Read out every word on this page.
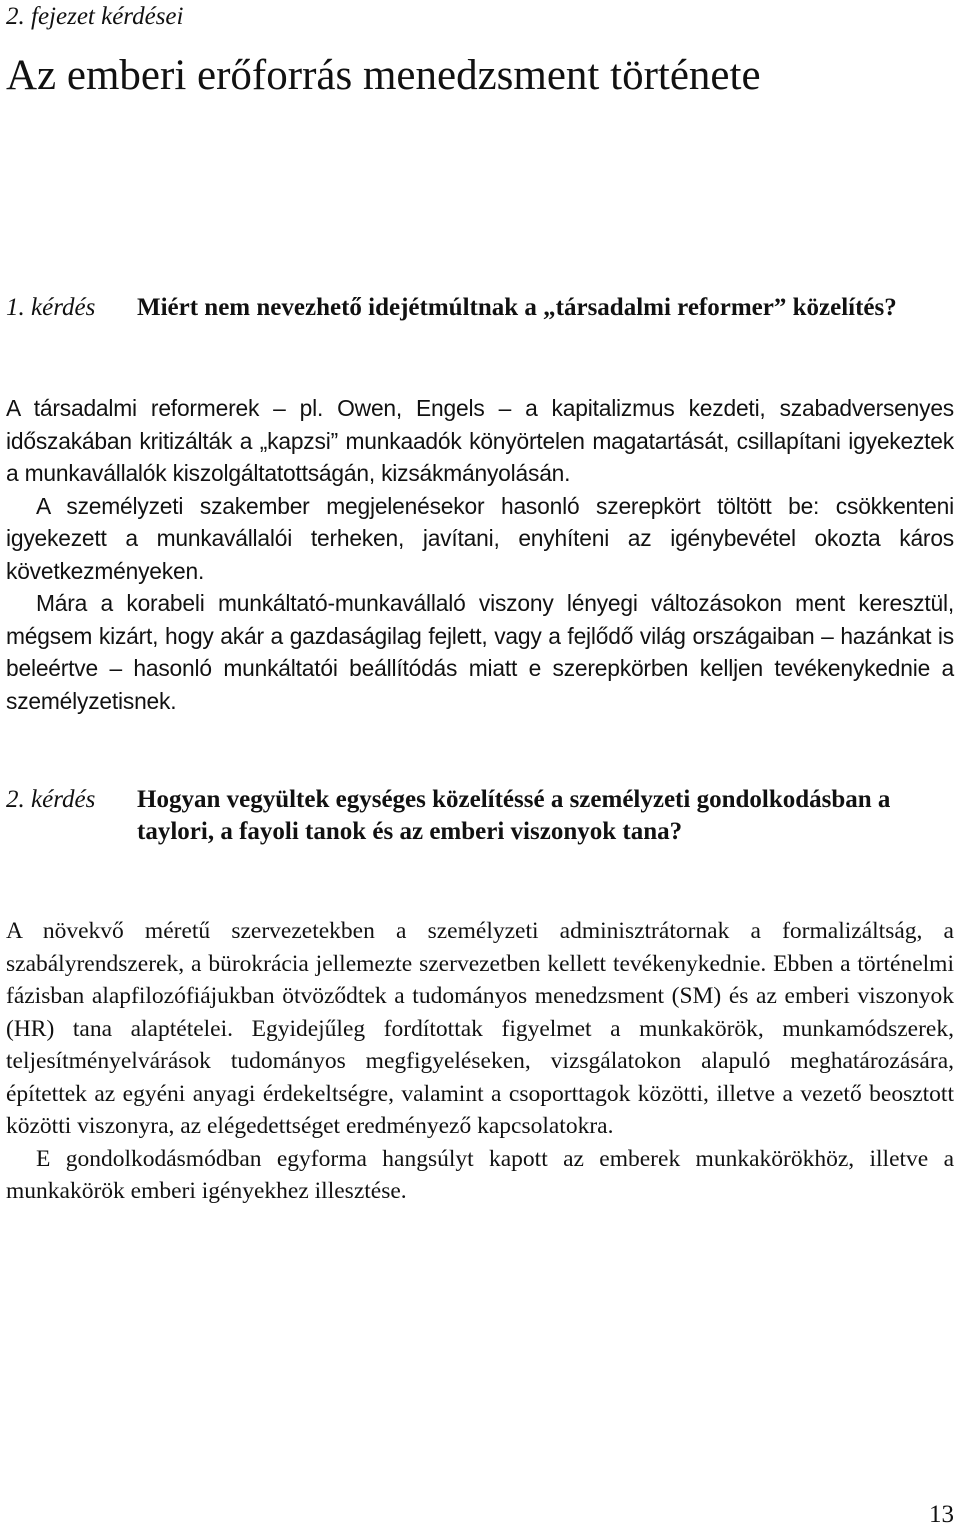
2. fejezet kérdései
Az emberi erőforrás menedzsment története
1. kérdés Miért nem nevezhető idejétmúltnak a „társadalmi reformer” közelítés?

A társadalmi reformerek – pl. Owen, Engels – a kapitalizmus kezdeti, szabadversenyes időszakában kritizálták a „kapzsi” munkaadók könyörtelen magatartását, csillapítani igyekeztek a munkavállalók kiszolgáltatottságán, kizsákmányolásán.

A személyzeti szakember megjelenésekor hasonló szerepkört töltött be: csökkenteni igyekezett a munkavállalói terheken, javítani, enyhíteni az igénybevétel okozta káros következményeken.

Mára a korabeli munkáltató-munkavállaló viszony lényegi változásokon ment keresztül, mégsem kizárt, hogy akár a gazdaságilag fejlett, vagy a fejlődő világ országaiban – hazánkat is beleértve – hasonló munkáltatói beállítódás miatt e szerepkörben kelljen tevékenykednie a személyzetisnek.

2. kérdés Hogyan vegyültek egységes közelítéssé a személyzeti gondolkodásban a taylori, a fayoli tanok és az emberi viszonyok tana?

A növekvő méretű szervezetekben a személyzeti adminisztrátornak a formalizáltság, a szabályrendszerek, a bürokrácia jellemezte szervezetben kellett tevékenykednie. Ebben a történelmi fázisban alapfilozófiájukban ötvöződtek a tudományos menedzsment (SM) és az emberi viszonyok (HR) tana alaptételei. Egyidejűleg fordítottak figyelmet a munkakörök, munkamódszerek, teljesítményelvárások tudományos megfigyeléseken, vizsgálatokon alapuló meghatározására, építettek az egyéni anyagi érdekeltségre, valamint a csoporttagok közötti, illetve a vezető beosztott közötti viszonyra, az elégedettséget eredményező kapcsolatokra.

E gondolkodásmódban egyforma hangsúlyt kapott az emberek munkakörökhöz, illetve a munkakörök emberi igényekhez illesztése.

13
